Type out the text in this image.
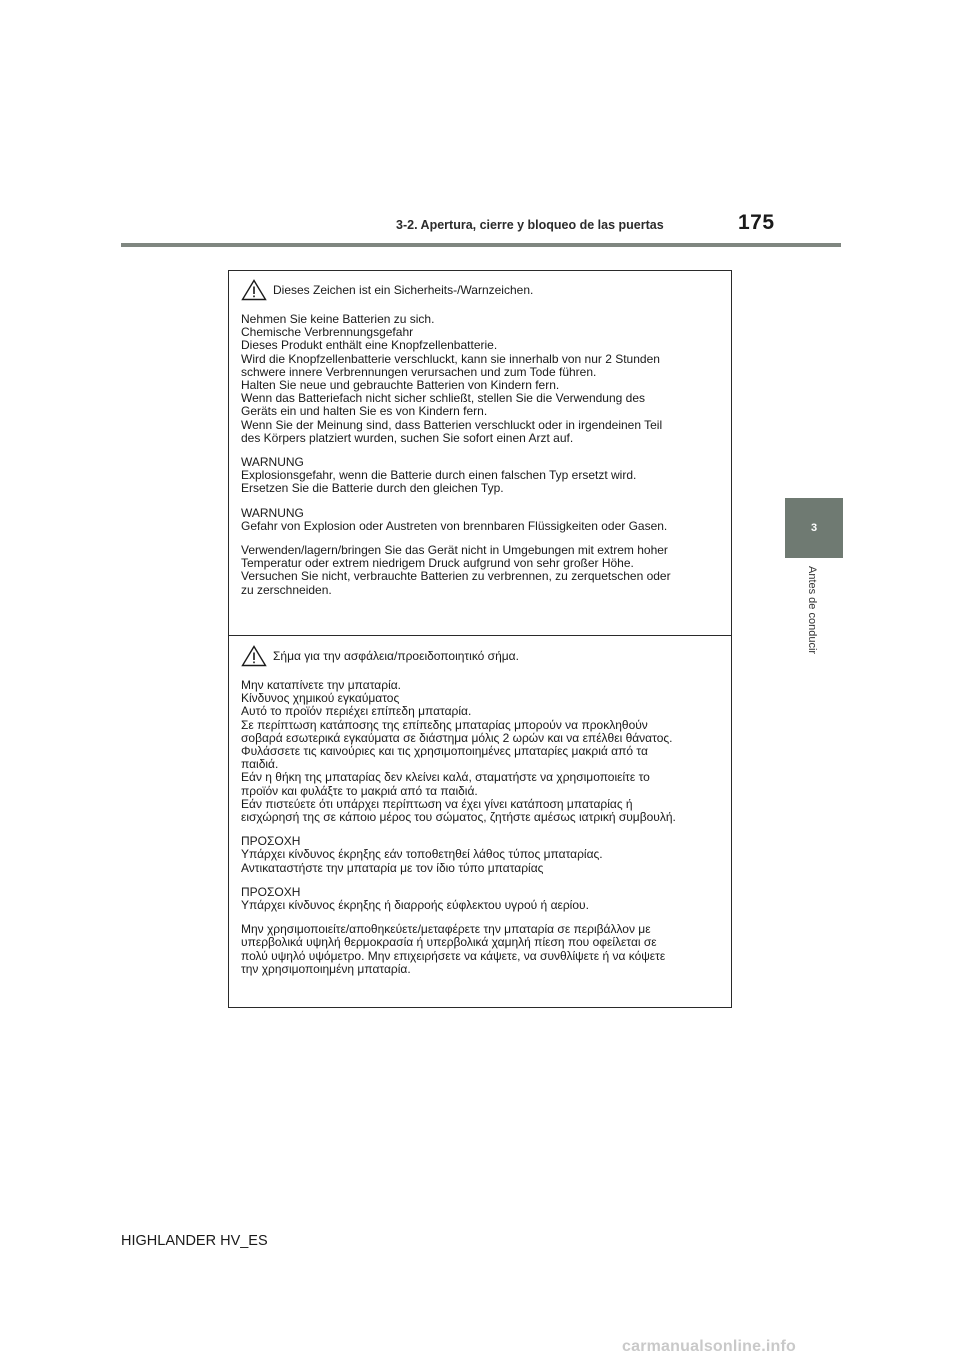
3-2. Apertura, cierre y bloqueo de las puertas	175
3
Antes de conducir
Dieses Zeichen ist ein Sicherheits-/Warnzeichen.
Nehmen Sie keine Batterien zu sich.
Chemische Verbrennungsgefahr
Dieses Produkt enthält eine Knopfzellenbatterie.
Wird die Knopfzellenbatterie verschluckt, kann sie innerhalb von nur 2 Stunden
schwere innere Verbrennungen verursachen und zum Tode führen.
Halten Sie neue und gebrauchte Batterien von Kindern fern.
Wenn das Batteriefach nicht sicher schließt, stellen Sie die Verwendung des
Geräts ein und halten Sie es von Kindern fern.
Wenn Sie der Meinung sind, dass Batterien verschluckt oder in irgendeinen Teil
des Körpers platziert wurden, suchen Sie sofort einen Arzt auf.
WARNUNG
Explosionsgefahr, wenn die Batterie durch einen falschen Typ ersetzt wird.
Ersetzen Sie die Batterie durch den gleichen Typ.
WARNUNG
Gefahr von Explosion oder Austreten von brennbaren Flüssigkeiten oder Gasen.
Verwenden/lagern/bringen Sie das Gerät nicht in Umgebungen mit extrem hoher
Temperatur oder extrem niedrigem Druck aufgrund von sehr großer Höhe.
Versuchen Sie nicht, verbrauchte Batterien zu verbrennen, zu zerquetschen oder
zu zerschneiden.
Σήμα για την ασφάλεια/προειδοποιητικό σήμα.
Μην καταπίνετε την μπαταρία.
Κίνδυνος χημικού εγκαύματος
Αυτό το προϊόν περιέχει επίπεδη μπαταρία.
Σε περίπτωση κατάποσης της επίπεδης μπαταρίας μπορούν να προκληθούν
σοβαρά εσωτερικά εγκαύματα σε διάστημα μόλις 2 ωρών και να επέλθει θάνατος.
Φυλάσσετε τις καινούριες και τις χρησιμοποιημένες μπαταρίες μακριά από τα
παιδιά.
Εάν η θήκη της μπαταρίας δεν κλείνει καλά, σταματήστε να χρησιμοποιείτε το
προϊόν και φυλάξτε το μακριά από τα παιδιά.
Εάν πιστεύετε ότι υπάρχει περίπτωση να έχει γίνει κατάποση μπαταρίας ή
εισχώρησή της σε κάποιο μέρος του σώματος, ζητήστε αμέσως ιατρική συμβουλή.
ΠΡΟΣΟΧΗ
Υπάρχει κίνδυνος έκρηξης εάν τοποθετηθεί λάθος τύπος μπαταρίας.
Αντικαταστήστε την μπαταρία με τον ίδιο τύπο μπαταρίας
ΠΡΟΣΟΧΗ
Υπάρχει κίνδυνος έκρηξης ή διαρροής εύφλεκτου υγρού ή αερίου.
Μην χρησιμοποιείτε/αποθηκεύετε/μεταφέρετε την μπαταρία σε περιβάλλον με
υπερβολικά υψηλή θερμοκρασία ή υπερβολικά χαμηλή πίεση που οφείλεται σε
πολύ υψηλό υψόμετρο. Μην επιχειρήσετε να κάψετε, να συνθλίψετε ή να κόψετε
την χρησιμοποιημένη μπαταρία.
HIGHLANDER HV_ES
carmanualsonline.info
